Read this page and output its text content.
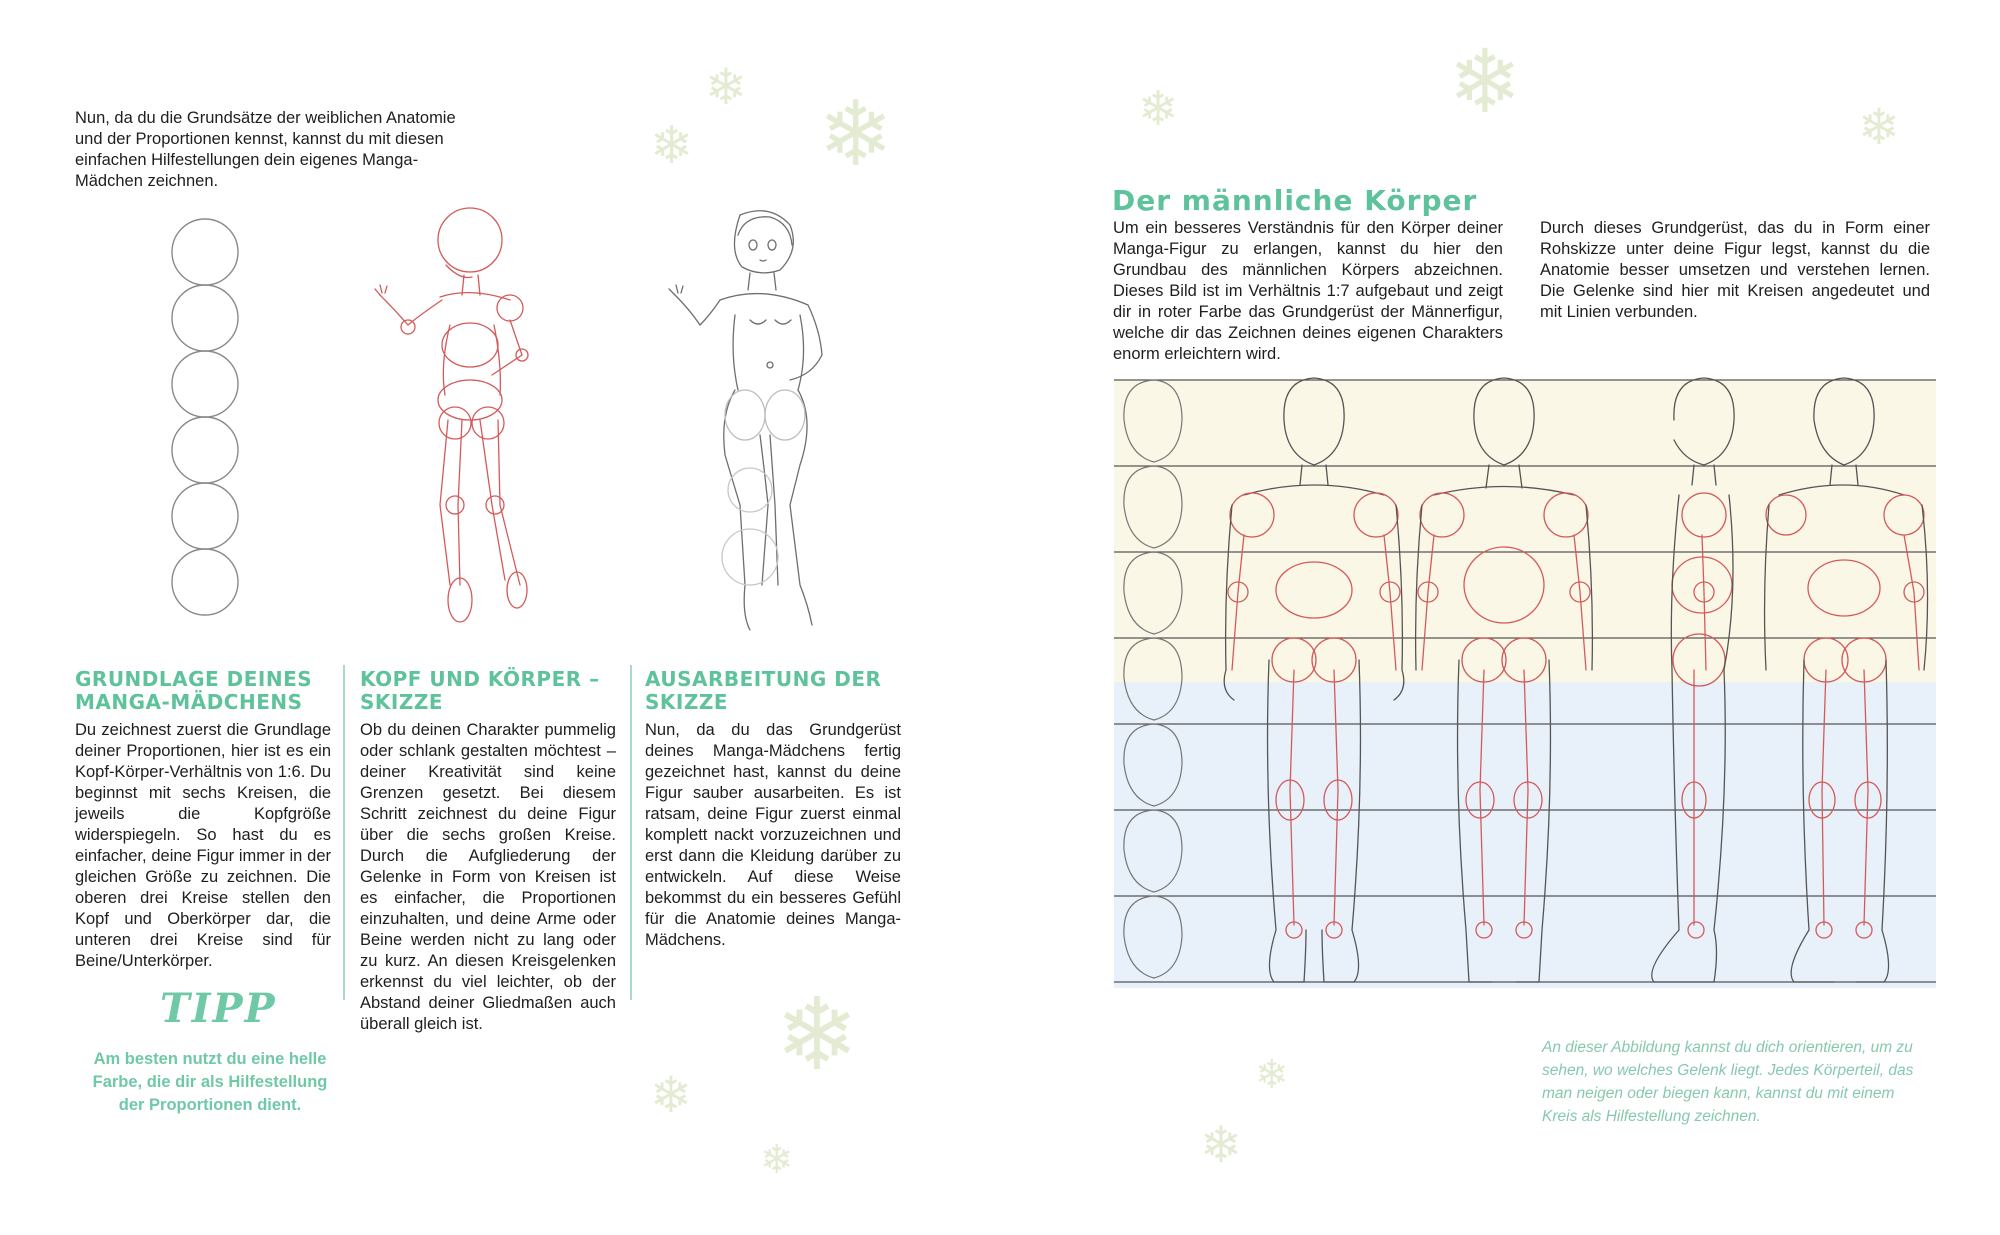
❄
❄ ❄	❄	❄	❄
❄
❄
❄
❄
❄
Nun, da du die Grundsätze der weiblichen Anatomie und der Proportionen kennst, kannst du mit diesen einfachen Hilfestellungen dein eigenes Manga-Mädchen zeichnen.
GRUNDLAGE DEINES MANGA-MÄDCHENS

Du zeichnest zuerst die Grundlage deiner Proportionen, hier ist es ein Kopf-Körper-Verhältnis von 1:6. Du beginnst mit sechs Kreisen, die jeweils die Kopfgröße widerspiegeln. So hast du es einfacher, deine Figur immer in der gleichen Größe zu zeichnen. Die oberen drei Kreise stellen den Kopf und Oberkörper dar, die unteren drei Kreise sind für Beine/Unterkörper.

KOPF UND KÖRPER – SKIZZE

Ob du deinen Charakter pummelig oder schlank gestalten möchtest – deiner Kreativität sind keine Grenzen gesetzt. Bei diesem Schritt zeichnest du deine Figur über die sechs großen Kreise. Durch die Aufgliederung der Gelenke in Form von Kreisen ist es einfacher, die Proportionen einzuhalten, und deine Arme oder Beine werden nicht zu lang oder zu kurz. An diesen Kreisgelenken erkennst du viel leichter, ob der Abstand deiner Gliedmaßen auch überall gleich ist.

AUSARBEITUNG DER SKIZZE

Nun, da du das Grundgerüst deines Manga-Mädchens fertig gezeichnet hast, kannst du deine Figur sauber ausarbeiten. Es ist ratsam, deine Figur zuerst einmal komplett nackt vorzuzeichnen und erst dann die Kleidung darüber zu entwickeln. Auf diese Weise bekommst du ein besseres Gefühl für die Anatomie deines Manga-Mädchens.

TIPP
Am besten nutzt du eine helle Farbe, die dir als Hilfestellung der Proportionen dient.
Der männliche Körper

Um ein besseres Verständnis für den Körper deiner Manga-Figur zu erlangen, kannst du hier den Grundbau des männlichen Körpers abzeichnen. Dieses Bild ist im Verhältnis 1:7 aufgebaut und zeigt dir in roter Farbe das Grundgerüst der Männerfigur, welche dir das Zeichnen deines eigenen Charakters enorm erleichtern wird.

Durch dieses Grundgerüst, das du in Form einer Rohskizze unter deine Figur legst, kannst du die Anatomie besser umsetzen und verstehen lernen. Die Gelenke sind hier mit Kreisen angedeutet und mit Linien verbunden.

An dieser Abbildung kannst du dich orientieren, um zu sehen, wo welches Gelenk liegt. Jedes Körperteil, das man neigen oder biegen kann, kannst du mit einem Kreis als Hilfestellung zeichnen.
